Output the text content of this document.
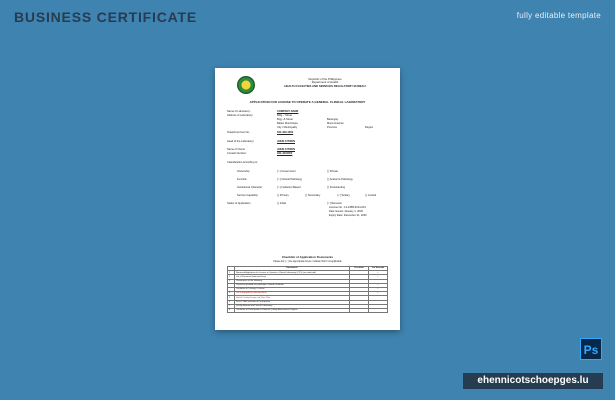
BUSINESS CERTIFICATE	fully editable template
Republic of the Philippines
Department of Health
HEALTH FACILITIES AND SERVICES REGULATORY BUREAU
APPLICATION FOR LICENSE TO OPERATE A GENERAL CLINICAL LABORATORY
Name of Laboratory:	COMPANY NAME
Address of Laboratory:	Bldg. / Street
Brgy. & Street	Barangay
Bailen Muntinlupa	Muna Huwiran
City / Municipality	Province	Region
Telephone/ Fax No.:	034-429-4002
Head of the Laboratory:	JOHN CITIZEN
Name of Owner	JOHN CITIZEN
Contact Number:	034-4234002
Classification According to
Ownership	[ / ] Government	[ ] Private
Function	[ / ] Clinical Pathology	[ ] Anatomic Pathology
Institutional Character	[ / ] Institution Based	[ ] Freestanding
Service Capability	[ ] Primary	[ ] Secondary	[ / ] Tertiary	[ ] Limited
Status of Application	[ ] Initial	[ / ] Renewal
License No.: 12-345B-2014-001
Date Issued: January 1, 2020
Expiry Date: December 31, 2020
Checklist of Application Documents
Please tick (✓) the appropriate boxes. Indicate N/A if not applicable
	Documents	For Initial	For Renewal
1	Notarized Application for License to Operate a Clinical Laboratory (LTO) (see attached)		✓
2	List of Personnel (attached form)		✓
3	Photocopies of the following:		
	Physician qualified as pathologist / Board Certificate		✓
	Certificate of Training / License		✓
4	List of Equipment (attached form)		✓
5	Health Facility Design and Floor Plan		
6	DOH PTIA/Certificate of Participation		
7	Quality Manual and Proof of Laboratory		
8	Certificate of Participation in External Quality Assessment Program		
Ps
ehennicotschoepges.lu
